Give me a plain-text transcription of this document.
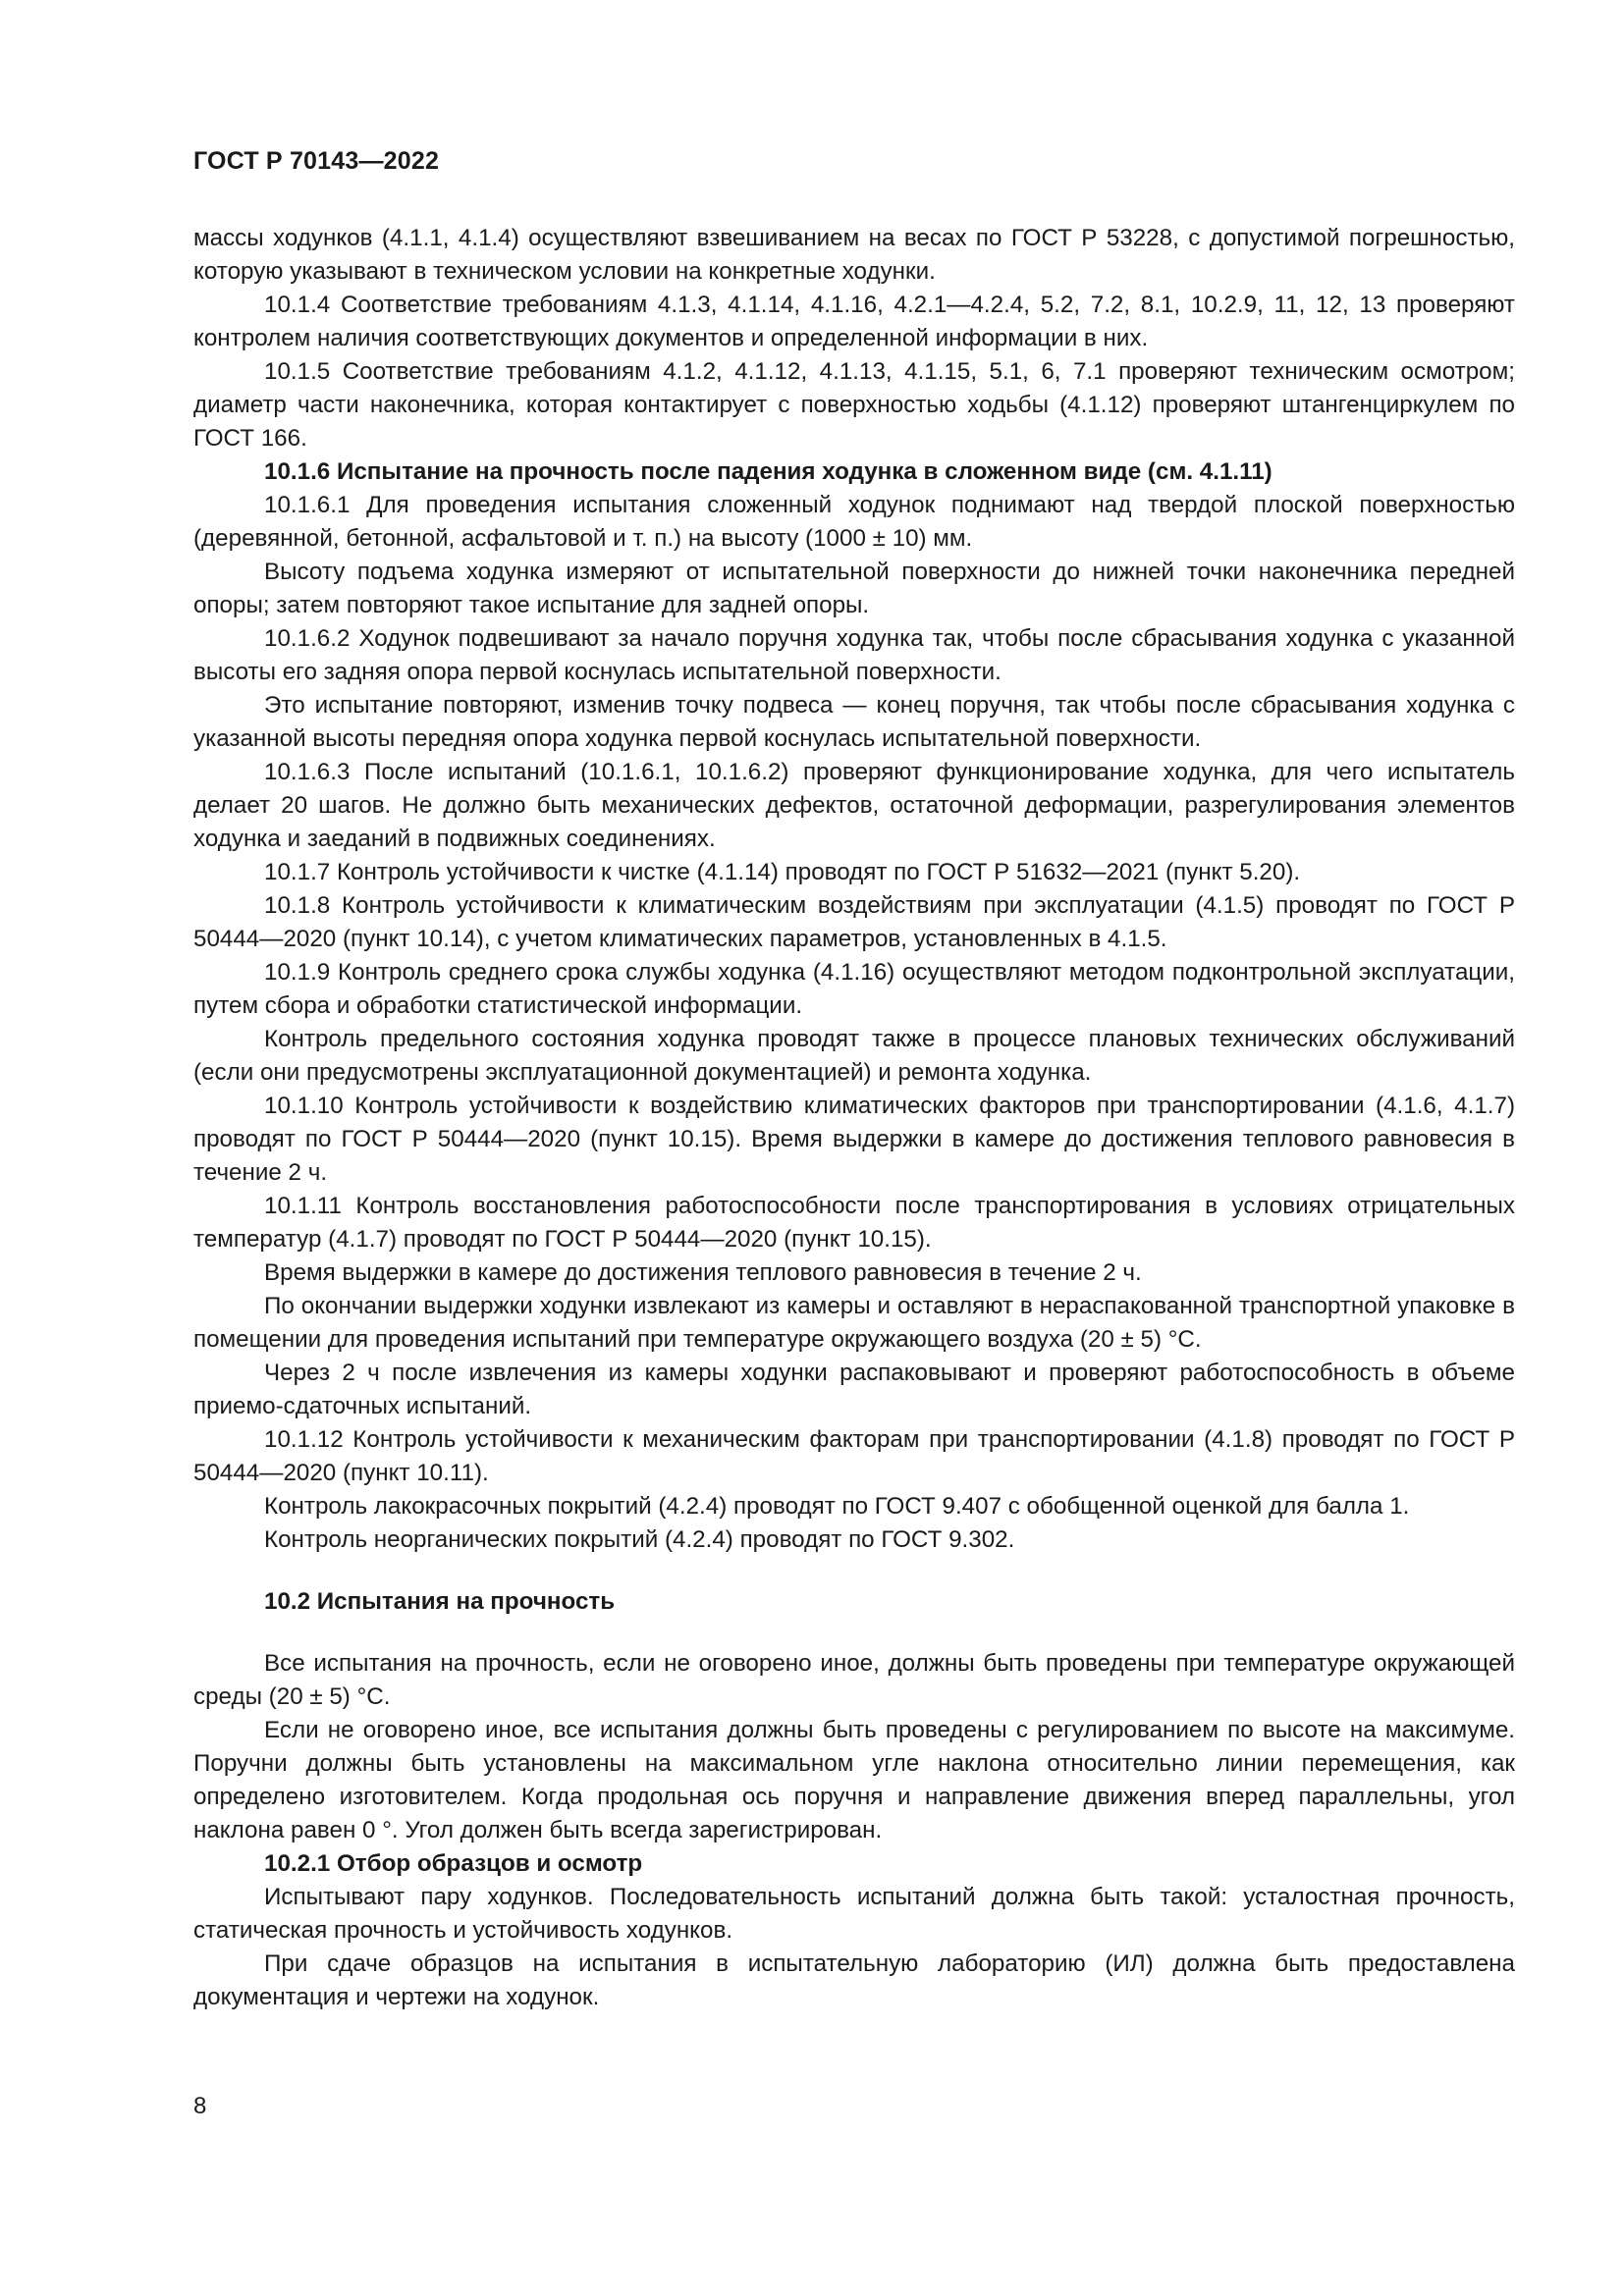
ГОСТ Р 70143—2022

массы ходунков (4.1.1, 4.1.4) осуществляют взвешиванием на весах по ГОСТ Р 53228, с допустимой погрешностью, которую указывают в техническом условии на конкретные ходунки.

10.1.4 Соответствие требованиям 4.1.3, 4.1.14, 4.1.16, 4.2.1—4.2.4, 5.2, 7.2, 8.1, 10.2.9, 11, 12, 13 проверяют контролем наличия соответствующих документов и определенной информации в них.

10.1.5 Соответствие требованиям 4.1.2, 4.1.12, 4.1.13, 4.1.15, 5.1, 6, 7.1 проверяют техническим осмотром; диаметр части наконечника, которая контактирует с поверхностью ходьбы (4.1.12) проверяют штангенциркулем по ГОСТ 166.

10.1.6 Испытание на прочность после падения ходунка в сложенном виде (см. 4.1.11)

10.1.6.1 Для проведения испытания сложенный ходунок поднимают над твердой плоской поверхностью (деревянной, бетонной, асфальтовой и т. п.) на высоту (1000 ± 10) мм.

Высоту подъема ходунка измеряют от испытательной поверхности до нижней точки наконечника передней опоры; затем повторяют такое испытание для задней опоры.

10.1.6.2 Ходунок подвешивают за начало поручня ходунка так, чтобы после сбрасывания ходунка с указанной высоты его задняя опора первой коснулась испытательной поверхности.

Это испытание повторяют, изменив точку подвеса — конец поручня, так чтобы после сбрасывания ходунка с указанной высоты передняя опора ходунка первой коснулась испытательной поверхности.

10.1.6.3 После испытаний (10.1.6.1, 10.1.6.2) проверяют функционирование ходунка, для чего испытатель делает 20 шагов. Не должно быть механических дефектов, остаточной деформации, разрегулирования элементов ходунка и заеданий в подвижных соединениях.

10.1.7 Контроль устойчивости к чистке (4.1.14) проводят по ГОСТ Р 51632—2021 (пункт 5.20).

10.1.8 Контроль устойчивости к климатическим воздействиям при эксплуатации (4.1.5) проводят по ГОСТ Р 50444—2020 (пункт 10.14), с учетом климатических параметров, установленных в 4.1.5.

10.1.9 Контроль среднего срока службы ходунка (4.1.16) осуществляют методом подконтрольной эксплуатации, путем сбора и обработки статистической информации.

Контроль предельного состояния ходунка проводят также в процессе плановых технических обслуживаний (если они предусмотрены эксплуатационной документацией) и ремонта ходунка.

10.1.10 Контроль устойчивости к воздействию климатических факторов при транспортировании (4.1.6, 4.1.7) проводят по ГОСТ Р 50444—2020 (пункт 10.15). Время выдержки в камере до достижения теплового равновесия в течение 2 ч.

10.1.11 Контроль восстановления работоспособности после транспортирования в условиях отрицательных температур (4.1.7) проводят по ГОСТ Р 50444—2020 (пункт 10.15).

Время выдержки в камере до достижения теплового равновесия в течение 2 ч.

По окончании выдержки ходунки извлекают из камеры и оставляют в нераспакованной транспортной упаковке в помещении для проведения испытаний при температуре окружающего воздуха (20 ± 5) °С.

Через 2 ч после извлечения из камеры ходунки распаковывают и проверяют работоспособность в объеме приемо-сдаточных испытаний.

10.1.12 Контроль устойчивости к механическим факторам при транспортировании (4.1.8) проводят по ГОСТ Р 50444—2020 (пункт 10.11).

Контроль лакокрасочных покрытий (4.2.4) проводят по ГОСТ 9.407 с обобщенной оценкой для балла 1.

Контроль неорганических покрытий (4.2.4) проводят по ГОСТ 9.302.

10.2 Испытания на прочность

Все испытания на прочность, если не оговорено иное, должны быть проведены при температуре окружающей среды (20 ± 5) °С.

Если не оговорено иное, все испытания должны быть проведены с регулированием по высоте на максимуме. Поручни должны быть установлены на максимальном угле наклона относительно линии перемещения, как определено изготовителем. Когда продольная ось поручня и направление движения вперед параллельны, угол наклона равен 0 °. Угол должен быть всегда зарегистрирован.

10.2.1 Отбор образцов и осмотр

Испытывают пару ходунков. Последовательность испытаний должна быть такой: усталостная прочность, статическая прочность и устойчивость ходунков.

При сдаче образцов на испытания в испытательную лабораторию (ИЛ) должна быть предоставлена документация и чертежи на ходунок.

8
